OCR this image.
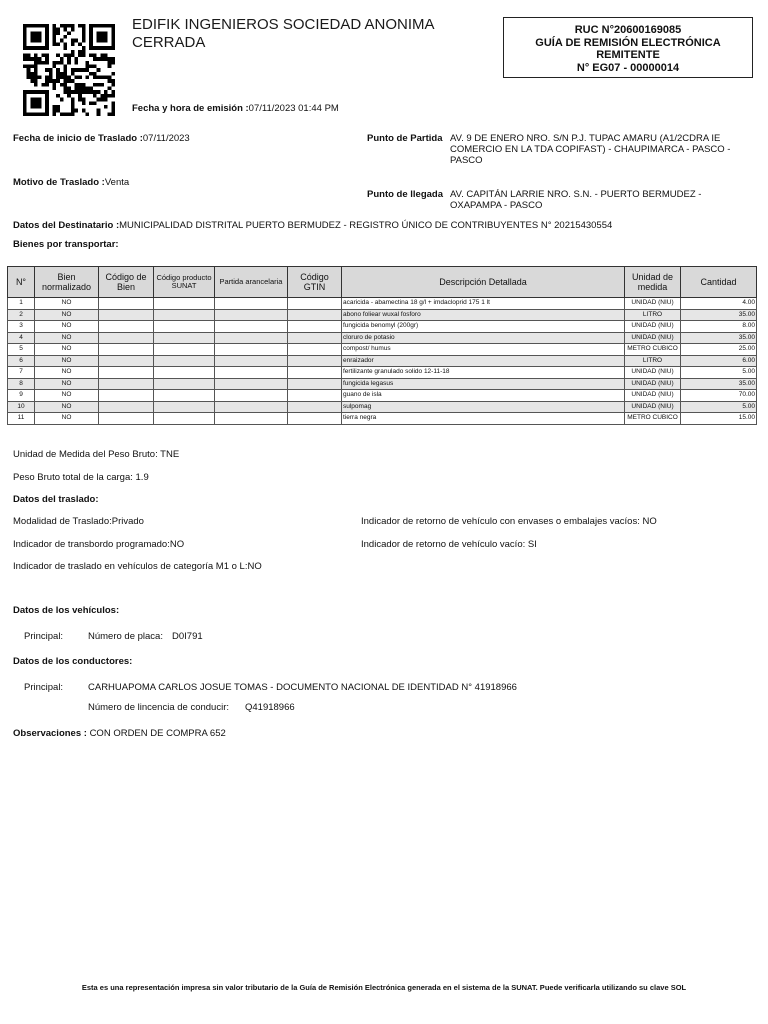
EDIFIK INGENIEROS SOCIEDAD ANONIMA CERRADA
RUC N°20600169085
GUÍA DE REMISIÓN ELECTRÓNICA
REMITENTE
N° EG07 - 00000014
Fecha y hora de emisión :07/11/2023 01:44 PM
Fecha de inicio de Traslado :07/11/2023	Punto de Partida AV. 9 DE ENERO NRO. S/N P.J. TUPAC AMARU (A1/2CDRA IE COMERCIO EN LA TDA COPIFAST) - CHAUPIMARCA - PASCO - PASCO
Motivo de Traslado :Venta
Punto de llegada AV. CAPITÁN LARRIE NRO. S.N. - PUERTO BERMUDEZ - OXAPAMPA - PASCO
Datos del Destinatario :MUNICIPALIDAD DISTRITAL PUERTO BERMUDEZ - REGISTRO ÚNICO DE CONTRIBUYENTES N° 20215430554
Bienes por transportar:
N°	Bien normalizado	Código de Bien	Código producto SUNAT	Partida arancelaria	Código GTIN	Descripción Detallada	Unidad de medida	Cantidad
1	NO					acaricida - abamectina 18 g/l + imdacloprid 175 1 lt	UNIDAD (NIU)	4.00
2	NO					abono foliear wuxal fosforo	LITRO	35.00
3	NO					fungicida benomyl (200gr)	UNIDAD (NIU)	8.00
4	NO					cloruro de potasio	UNIDAD (NIU)	35.00
5	NO					compost/ humus	METRO CUBICO	25.00
6	NO					enraizador	LITRO	6.00
7	NO					fertilizante granulado solido 12-11-18	UNIDAD (NIU)	5.00
8	NO					fungicida legasus	UNIDAD (NIU)	35.00
9	NO					guano de isla	UNIDAD (NIU)	70.00
10	NO					sulpomag	UNIDAD (NIU)	5.00
11	NO					tierra negra	METRO CUBICO	15.00
Unidad de Medida del Peso Bruto: TNE
Peso Bruto total de la carga: 1.9
Datos del traslado:
Modalidad de Traslado:Privado	Indicador de retorno de vehículo con envases o embalajes vacíos: NO
Indicador de transbordo programado:NO	Indicador de retorno de vehículo vacío: SI
Indicador de traslado en vehículos de categoría M1 o L:NO
Datos de los vehículos:
Principal:	Número de placa: D0I791
Datos de los conductores:
Principal:	CARHUAPOMA CARLOS JOSUE TOMAS - DOCUMENTO NACIONAL DE IDENTIDAD N° 41918966
Número de lincencia de conducir: Q41918966
Observaciones : CON ORDEN DE COMPRA 652
Esta es una representación impresa sin valor tributario de la Guía de Remisión Electrónica generada en el sistema de la SUNAT. Puede verificarla utilizando su clave SOL
